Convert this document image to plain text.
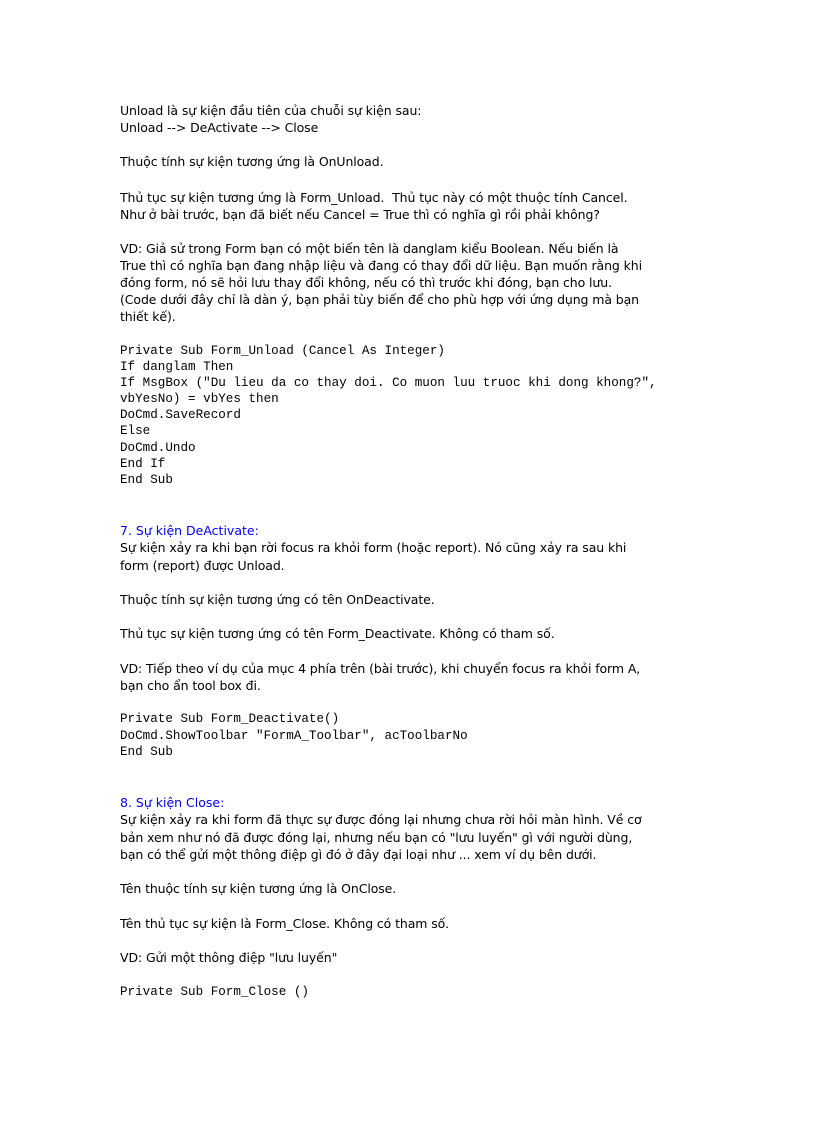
Unload là sự kiện đầu tiên của chuỗi sự kiện sau:
Unload --> DeActivate --> Close
Thuộc tính sự kiện tương ứng là OnUnload.
Thủ tục sự kiện tương ứng là Form_Unload.  Thủ tục này có một thuộc tính Cancel.
Như ở bài trước, bạn đã biết nếu Cancel = True thì có nghĩa gì rồi phải không?
VD: Giả sử trong Form bạn có một biến tên là danglam kiểu Boolean. Nếu biến là
True thì có nghĩa bạn đang nhập liệu và đang có thay đổi dữ liệu. Bạn muốn rằng khi
đóng form, nó sẽ hỏi lưu thay đổi không, nếu có thì trước khi đóng, bạn cho lưu.
(Code dưới đây chỉ là dàn ý, bạn phải tùy biến để cho phù hợp với ứng dụng mà bạn
thiết kế).
Private Sub Form_Unload (Cancel As Integer)
If danglam Then
If MsgBox ("Du lieu da co thay doi. Co muon luu truoc khi dong khong?",
vbYesNo) = vbYes then
DoCmd.SaveRecord
Else
DoCmd.Undo
End If
End Sub
7. Sự kiện DeActivate:
Sự kiện xảy ra khi bạn rời focus ra khỏi form (hoặc report). Nó cũng xảy ra sau khi
form (report) được Unload.
Thuộc tính sự kiện tương ứng có tên OnDeactivate.
Thủ tục sự kiện tương ứng có tên Form_Deactivate. Không có tham số.
VD: Tiếp theo ví dụ của mục 4 phía trên (bài trước), khi chuyển focus ra khỏi form A,
bạn cho ẩn tool box đi.
Private Sub Form_Deactivate()
DoCmd.ShowToolbar "FormA_Toolbar", acToolbarNo
End Sub
8. Sự kiện Close:
Sự kiện xảy ra khi form đã thực sự được đóng lại nhưng chưa rời hỏi màn hình. Về cơ
bản xem như nó đã được đóng lại, nhưng nếu bạn có "lưu luyến" gì với người dùng,
bạn có thể gửi một thông điệp gì đó ở đây đại loại như ... xem ví dụ bên dưới.
Tên thuộc tính sự kiện tương ứng là OnClose.
Tên thủ tục sự kiện là Form_Close. Không có tham số.
VD: Gửi một thông điệp "lưu luyến"
Private Sub Form_Close ()
